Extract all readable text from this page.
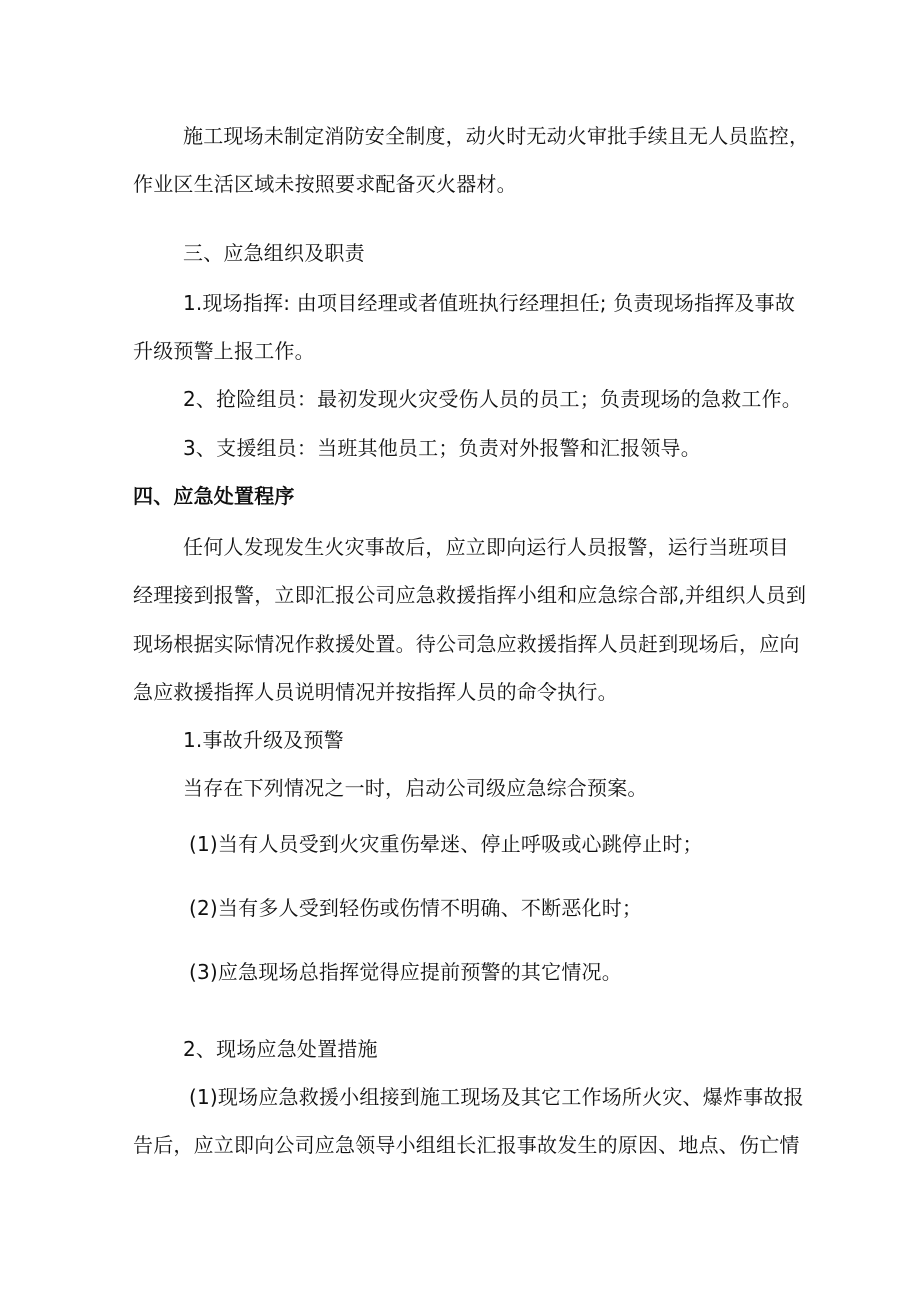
施工现场未制定消防安全制度，动火时无动火审批手续且无人员监控，
作业区生活区域未按照要求配备灭火器材。
三、应急组织及职责
1.现场指挥: 由项目经理或者值班执行经理担任; 负责现场指挥及事故
升级预警上报工作。
2、抢险组员：最初发现火灾受伤人员的员工；负责现场的急救工作。
3、支援组员：当班其他员工；负责对外报警和汇报领导。
四、应急处置程序
任何人发现发生火灾事故后，应立即向运行人员报警，运行当班项目
经理接到报警，立即汇报公司应急救援指挥小组和应急综合部,并组织人员到
现场根据实际情况作救援处置。待公司急应救援指挥人员赶到现场后，应向
急应救援指挥人员说明情况并按指挥人员的命令执行。
1.事故升级及预警
当存在下列情况之一时，启动公司级应急综合预案。
(1)当有人员受到火灾重伤晕迷、停止呼吸或心跳停止时；
(2)当有多人受到轻伤或伤情不明确、不断恶化时；
(3)应急现场总指挥觉得应提前预警的其它情况。
2、现场应急处置措施
(1)现场应急救援小组接到施工现场及其它工作场所火灾、爆炸事故报
告后，应立即向公司应急领导小组组长汇报事故发生的原因、地点、伤亡情
